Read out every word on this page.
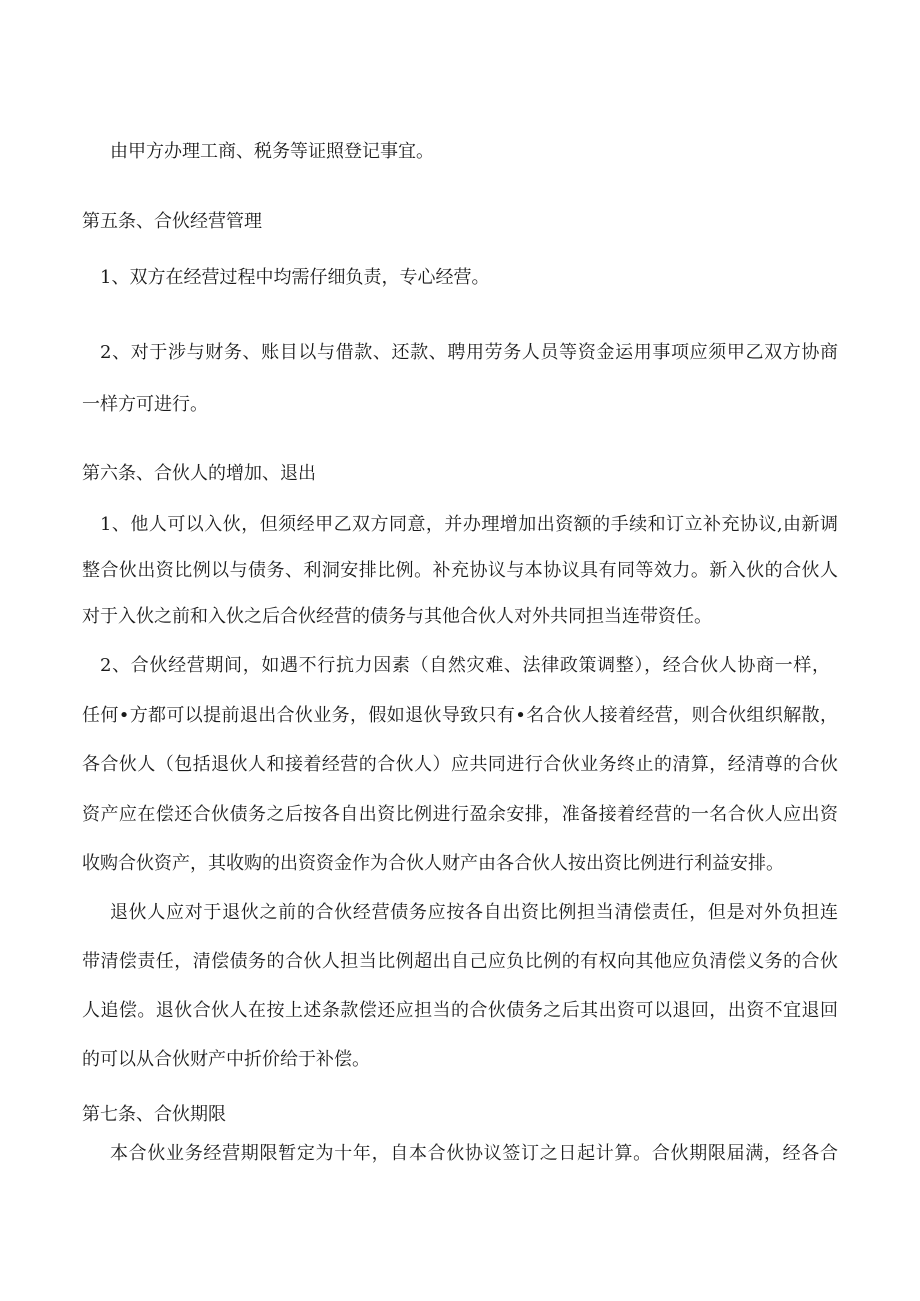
由甲方办理工商、税务等证照登记事宜。

第五条、合伙经营管理

1、双方在经营过程中均需仔细负责，专心经营。

2、对于涉与财务、账目以与借款、还款、聘用劳务人员等资金运用事项应须甲乙双方协商

一样方可进行。

第六条、合伙人的增加、退出

1、他人可以入伙，但须经甲乙双方同意，并办理增加出资额的手续和订立补充协议,由新调

整合伙出资比例以与债务、利洞安排比例。补充协议与本协议具有同等效力。新入伙的合伙人

对于入伙之前和入伙之后合伙经营的债务与其他合伙人对外共同担当连带资任。

2、合伙经营期间，如遇不行抗力因素（自然灾难、法律政策调整），经合伙人协商一样，

任何•方都可以提前退出合伙业务，假如退伙导致只有•名合伙人接着经营，则合伙组织解散，

各合伙人（包括退伙人和接着经营的合伙人）应共同进行合伙业务终止的清算，经清尊的合伙

资产应在偿还合伙债务之后按各自出资比例进行盈余安排，准备接着经营的一名合伙人应出资

收购合伙资产，其收购的出资资金作为合伙人财产由各合伙人按出资比例进行利益安排。

退伙人应对于退伙之前的合伙经营债务应按各自出资比例担当清偿责任，但是对外负担连

带清偿责任，清偿债务的合伙人担当比例超出自己应负比例的有权向其他应负清偿义务的合伙

人追偿。退伙合伙人在按上述条款偿还应担当的合伙债务之后其出资可以退回，出资不宜退回

的可以从合伙财产中折价给于补偿。

第七条、合伙期限

本合伙业务经营期限暂定为十年，自本合伙协议签订之日起计算。合伙期限届满，经各合
